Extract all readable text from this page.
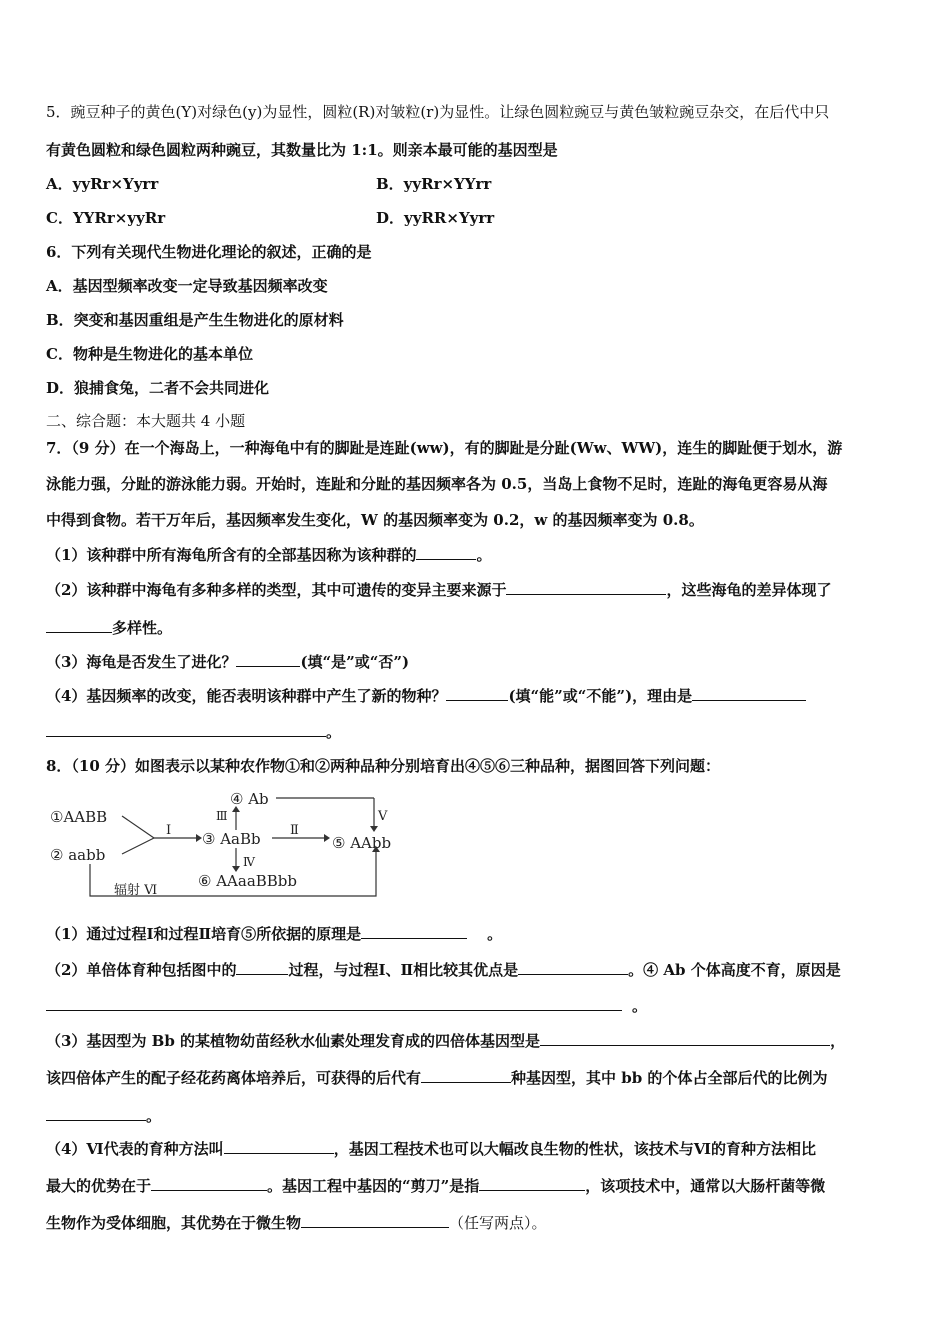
5．豌豆种子的黄色(Y)对绿色(y)为显性，圆粒(R)对皱粒(r)为显性。让绿色圆粒豌豆与黄色皱粒豌豆杂交，在后代中只
有黄色圆粒和绿色圆粒两种豌豆，其数量比为 1:1。则亲本最可能的基因型是
A．yyRr×Yyrr	B．yyRr×YYrr
C．YYRr×yyRr	D．yyRR×Yyrr
6．下列有关现代生物进化理论的叙述，正确的是
A．基因型频率改变一定导致基因频率改变
B．突变和基因重组是产生生物进化的原材料
C．物种是生物进化的基本单位
D．狼捕食兔，二者不会共同进化
二、综合题：本大题共 4 小题
7．（9 分）在一个海岛上，一种海龟中有的脚趾是连趾(ww)，有的脚趾是分趾(Ww、WW)，连生的脚趾便于划水，游
泳能力强，分趾的游泳能力弱。开始时，连趾和分趾的基因频率各为 0.5，当岛上食物不足时，连趾的海龟更容易从海
中得到食物。若干万年后，基因频率发生变化，W 的基因频率变为 0.2，w 的基因频率变为 0.8。
（1）该种群中所有海龟所含有的全部基因称为该种群的	。
（2）该种群中海龟有多种多样的类型，其中可遗传的变异主要来源于	，这些海龟的差异体现了
多样性。
（3）海龟是否发生了进化？	(填“是”或“否”)
（4）基因频率的改变，能否表明该种群中产生了新的物种？	(填“能”或“不能”)，理由是
。
8．（10 分）如图表示以某种农作物①和②两种品种分别培育出④⑤⑥三种品种，据图回答下列问题：
①AABB
② aabb
③ AaBb
④ Ab
⑤ AAbb
⑥ AAaaBBbb
Ⅰ	Ⅱ
Ⅲ
Ⅳ
Ⅴ
辐射 Ⅵ
（1）通过过程Ⅰ和过程Ⅱ培育⑤所依据的原理是	。
（2）单倍体育种包括图中的	过程，与过程Ⅰ、Ⅱ相比较其优点是	。④ Ab 个体高度不育，原因是
。
（3）基因型为 Bb 的某植物幼苗经秋水仙素处理发育成的四倍体基因型是	，
该四倍体产生的配子经花药离体培养后，可获得的后代有	种基因型，其中 bb 的个体占全部后代的比例为
。
（4）Ⅵ代表的育种方法叫	，基因工程技术也可以大幅改良生物的性状，该技术与Ⅵ的育种方法相比
最大的优势在于	。基因工程中基因的“剪刀”是指	，该项技术中，通常以大肠杆菌等微
生物作为受体细胞，其优势在于微生物	（任写两点）。
